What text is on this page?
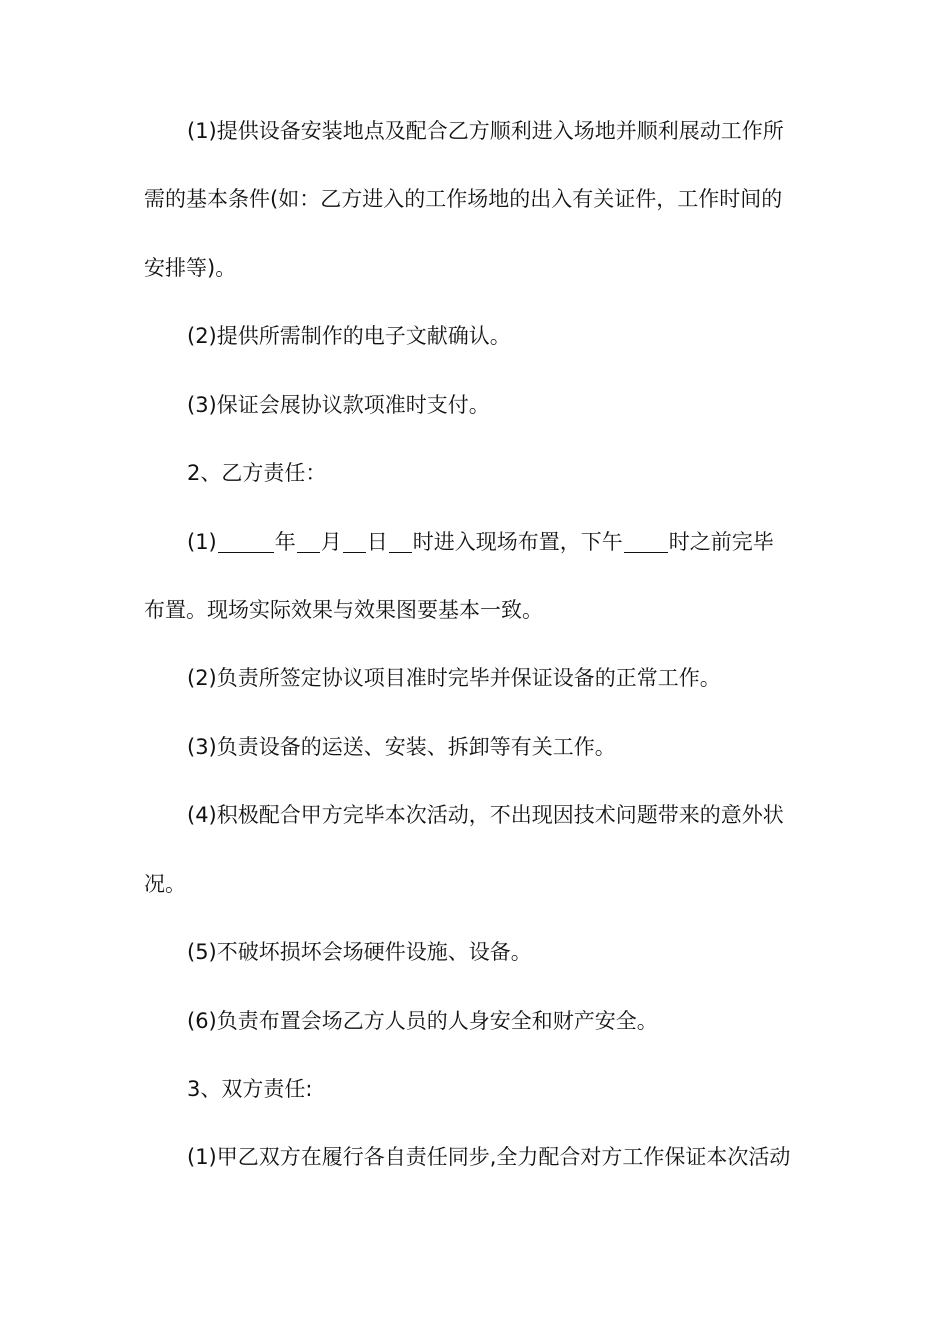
(1)提供设备安装地点及配合乙方顺利进入场地并顺利展动工作所
需的基本条件(如：乙方进入的工作场地的出入有关证件，工作时间的
安排等)。
(2)提供所需制作的电子文献确认。
(3)保证会展协议款项准时支付。
2、乙方责任：
(1)	年 月 日 时进入现场布置，下午 时之前完毕
布置。现场实际效果与效果图要基本一致。
(2)负责所签定协议项目准时完毕并保证设备的正常工作。
(3)负责设备的运送、安装、拆卸等有关工作。
(4)积极配合甲方完毕本次活动，不出现因技术问题带来的意外状
况。
(5)不破坏损坏会场硬件设施、设备。
(6)负责布置会场乙方人员的人身安全和财产安全。
3、双方责任:
(1)甲乙双方在履行各自责任同步,全力配合对方工作保证本次活动
